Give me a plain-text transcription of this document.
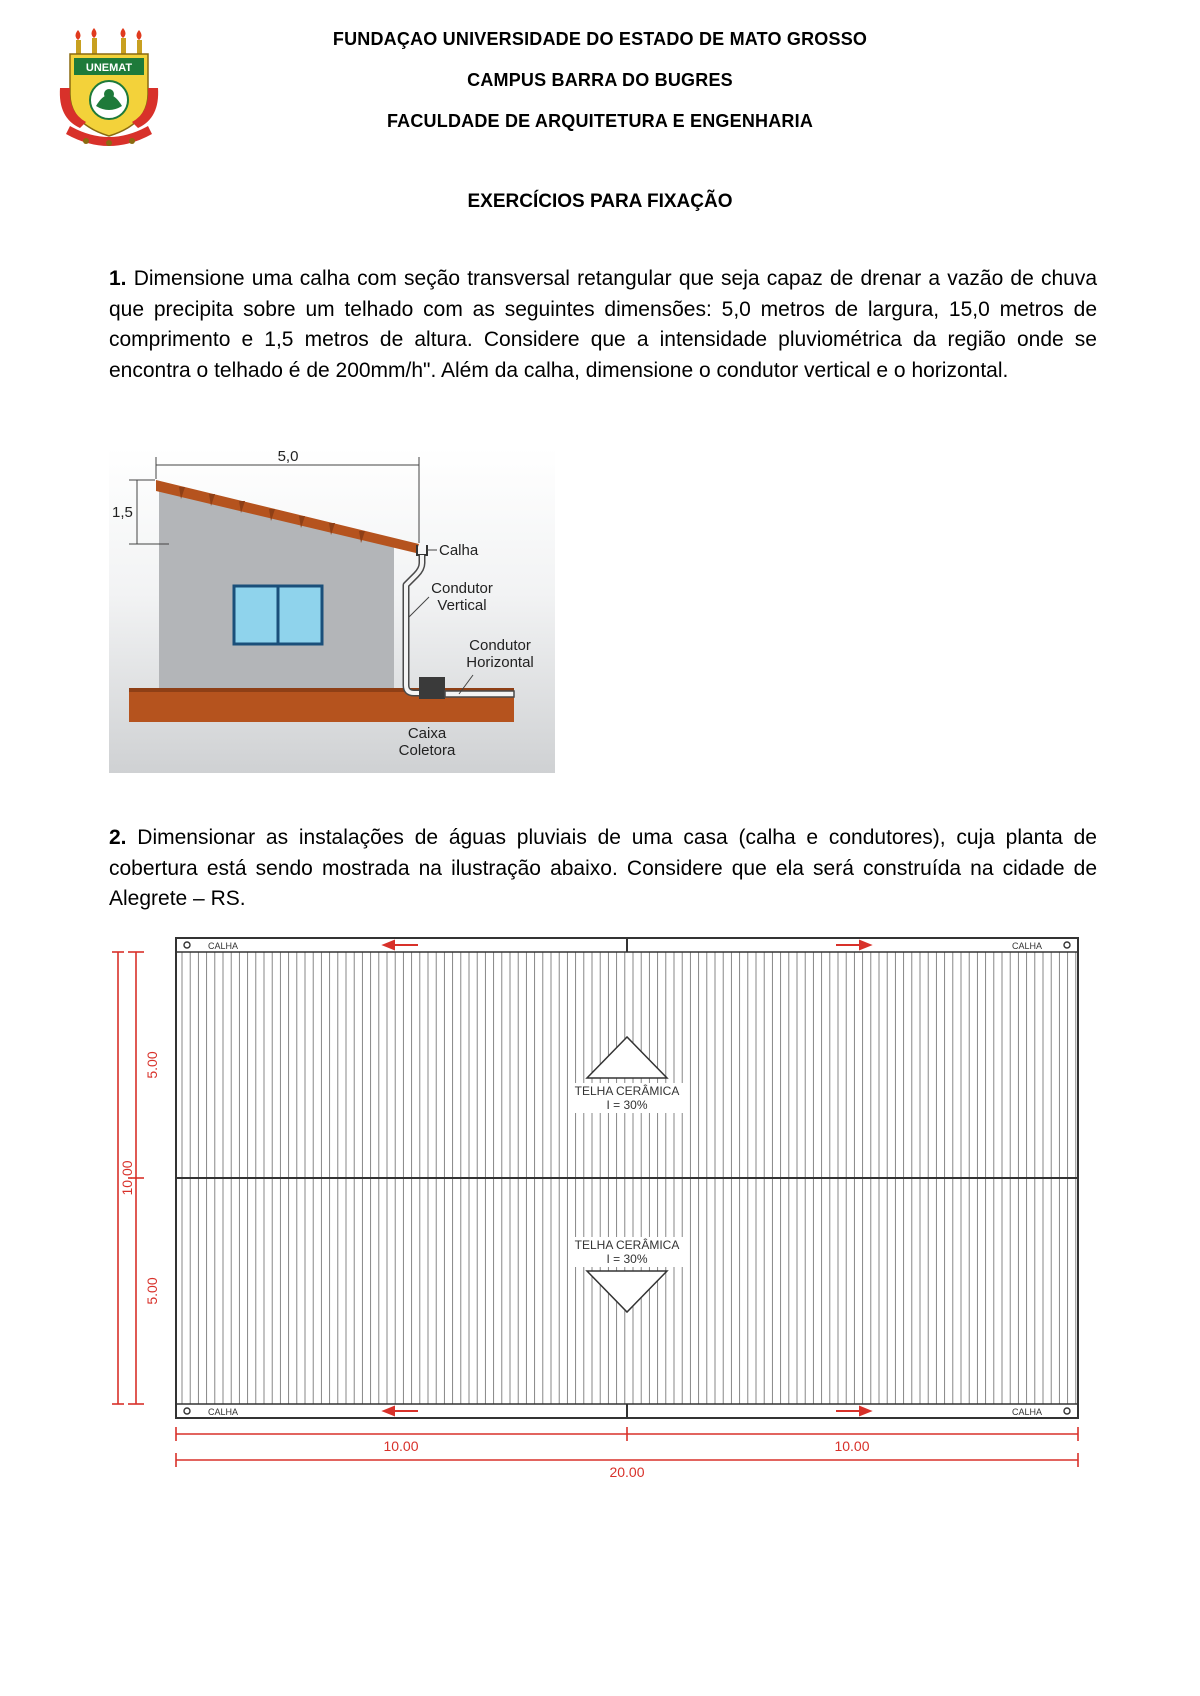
UNEMAT
FUNDAÇAO UNIVERSIDADE DO ESTADO DE MATO GROSSO
CAMPUS BARRA DO BUGRES
FACULDADE DE ARQUITETURA E ENGENHARIA
EXERCÍCIOS PARA FIXAÇÃO
1. Dimensione uma calha com seção transversal retangular que seja capaz de drenar a vazão de chuva que precipita sobre um telhado com as seguintes dimensões: 5,0 metros de largura, 15,0 metros de comprimento e 1,5 metros de altura. Considere que a intensidade pluviométrica da região onde se encontra o telhado é de 200mm/h". Além da calha, dimensione o condutor vertical e o horizontal.
5,0
1,5
Calha
Condutor
Vertical
Condutor
Horizontal
Caixa
Coletora
2. Dimensionar as instalações de águas pluviais de uma casa (calha e condutores), cuja planta de cobertura está sendo mostrada na ilustração abaixo. Considere que ela será construída na cidade de Alegrete – RS.
CALHA	CALHA
CALHA	CALHA
TELHA CERÂMICA
I = 30%
TELHA CERÂMICA
I = 30%
5.00
10.00
5.00
10.00	10.00
20.00
